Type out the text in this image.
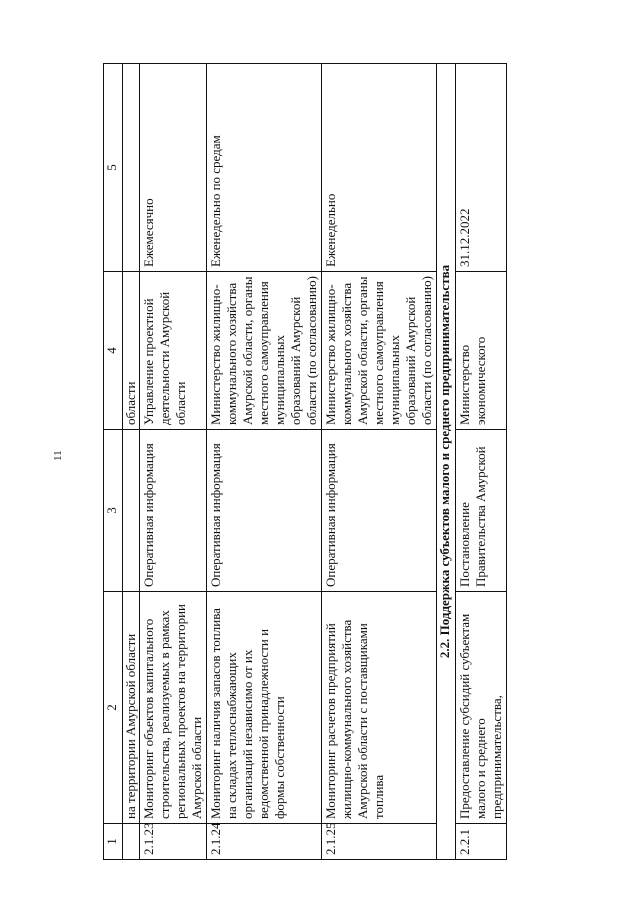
11
1	2	3	4	5
	на территории Амурской области		области	
2.1.23	Мониторинг объектов капитального строительства, реализуемых в рамках региональных проектов на территории Амурской области	Оперативная информация	Управление проектной деятельности Амурской области	Ежемесячно
2.1.24	Мониторинг наличия запасов топлива на складах теплоснабжающих организаций независимо от их ведомственной принадлежности и формы собственности	Оперативная информация	Министерство жилищно-коммунального хозяйства Амурской области, органы местного самоуправления муниципальных образований Амурской области (по согласованию)	Еженедельно по средам
2.1.25	Мониторинг расчетов предприятий жилищно-коммунального хозяйства Амурской области с поставщиками топлива	Оперативная информация	Министерство жилищно-коммунального хозяйства Амурской области, органы местного самоуправления муниципальных образований Амурской области (по согласованию)	Еженедельно
2.2. Поддержка субъектов малого и среднего предпринимательства				
2.2.1	Предоставление субсидий субъектам малого и среднего предпринимательства,	Постановление Правительства Амурской	Министерство экономического	31.12.2022
